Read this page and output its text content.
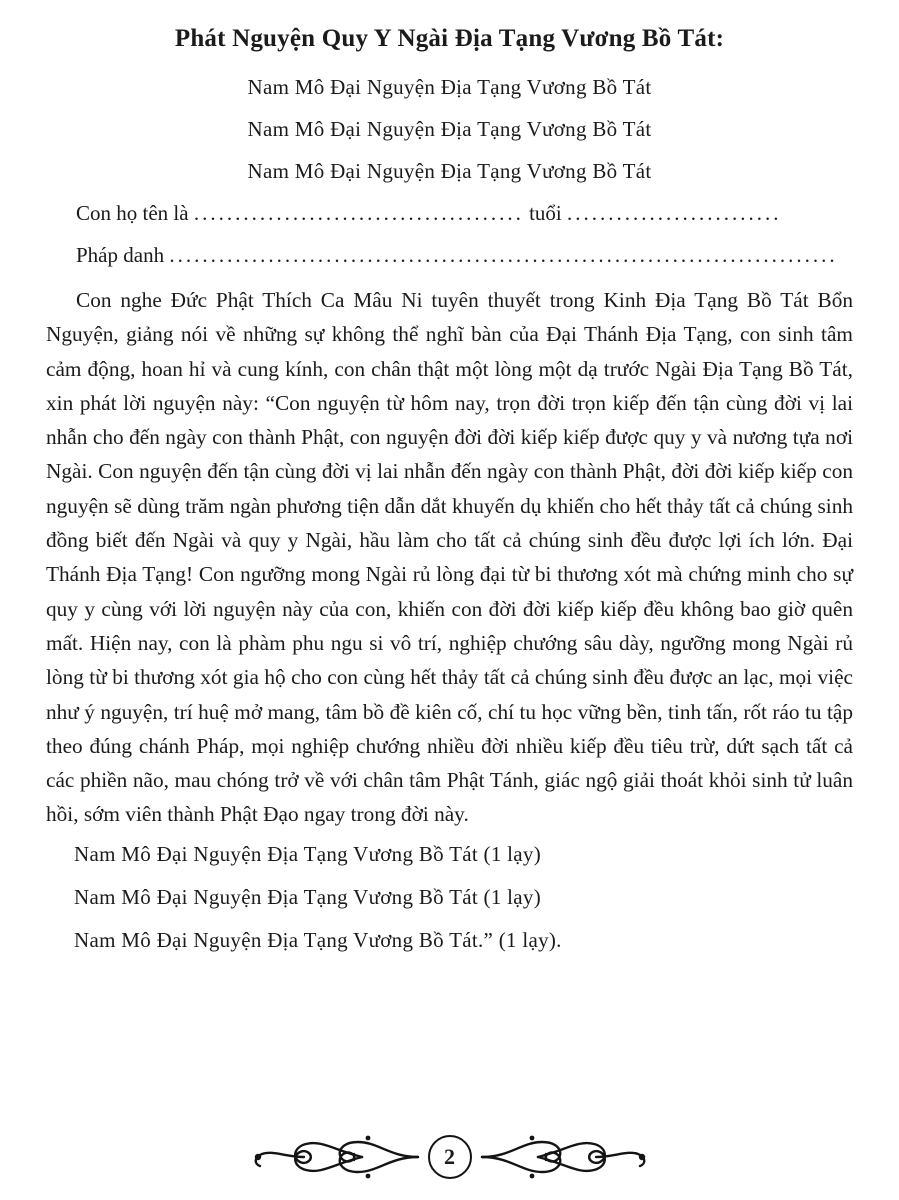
Phát Nguyện Quy Y Ngài Địa Tạng Vương Bồ Tát:
Nam Mô Đại Nguyện Địa Tạng Vương Bồ Tát
Nam Mô Đại Nguyện Địa Tạng Vương Bồ Tát
Nam Mô Đại Nguyện Địa Tạng Vương Bồ Tát
Con họ tên là ........................................ tuổi ..........................
Pháp danh .................................................................................

Con nghe Đức Phật Thích Ca Mâu Ni tuyên thuyết trong Kinh Địa Tạng Bồ Tát Bổn Nguyện, giảng nói về những sự không thể nghĩ bàn của Đại Thánh Địa Tạng, con sinh tâm cảm động, hoan hỉ và cung kính, con chân thật một lòng một dạ trước Ngài Địa Tạng Bồ Tát, xin phát lời nguyện này: “Con nguyện từ hôm nay, trọn đời trọn kiếp đến tận cùng đời vị lai nhẫn cho đến ngày con thành Phật, con nguyện đời đời kiếp kiếp được quy y và nương tựa nơi Ngài. Con nguyện đến tận cùng đời vị lai nhẫn đến ngày con thành Phật, đời đời kiếp kiếp con nguyện sẽ dùng trăm ngàn phương tiện dẫn dắt khuyến dụ khiến cho hết thảy tất cả chúng sinh đồng biết đến Ngài và quy y Ngài, hầu làm cho tất cả chúng sinh đều được lợi ích lớn. Đại Thánh Địa Tạng! Con ngưỡng mong Ngài rủ lòng đại từ bi thương xót mà chứng minh cho sự quy y cùng với lời nguyện này của con, khiến con đời đời kiếp kiếp đều không bao giờ quên mất. Hiện nay, con là phàm phu ngu si vô trí, nghiệp chướng sâu dày, ngưỡng mong Ngài rủ lòng từ bi thương xót gia hộ cho con cùng hết thảy tất cả chúng sinh đều được an lạc, mọi việc như ý nguyện, trí huệ mở mang, tâm bồ đề kiên cố, chí tu học vững bền, tinh tấn, rốt ráo tu tập theo đúng chánh Pháp, mọi nghiệp chướng nhiều đời nhiều kiếp đều tiêu trừ, dứt sạch tất cả các phiền não, mau chóng trở về với chân tâm Phật Tánh, giác ngộ giải thoát khỏi sinh tử luân hồi, sớm viên thành Phật Đạo ngay trong đời này.

Nam Mô Đại Nguyện Địa Tạng Vương Bồ Tát (1 lạy)
Nam Mô Đại Nguyện Địa Tạng Vương Bồ Tát (1 lạy)
Nam Mô Đại Nguyện Địa Tạng Vương Bồ Tát.” (1 lạy).
2
